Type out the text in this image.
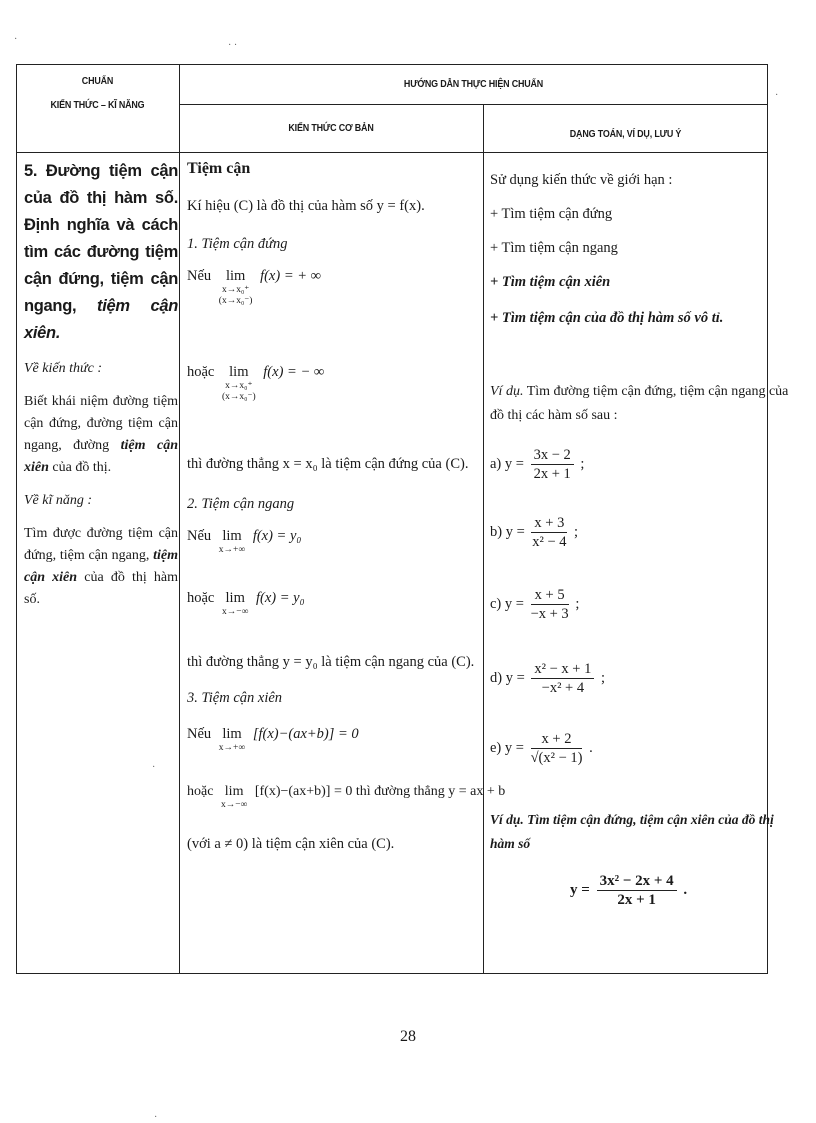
CHUẨN
KIẾN THỨC – KĨ NĂNG
HƯỚNG DẪN THỰC HIỆN CHUẨN
KIẾN THỨC CƠ BẢN	DẠNG TOÁN, VÍ DỤ, LƯU Ý
5. Đường tiệm cận của đồ thị hàm số. Định nghĩa và cách tìm các đường tiệm cận đứng, tiệm cận ngang, tiệm cận xiên.
Về kiến thức :
Biết khái niệm đường tiệm cận đứng, đường tiệm cận ngang, đường tiệm cận xiên của đồ thị.
Về kĩ năng :
Tìm được đường tiệm cận đứng, tiệm cận ngang, tiệm cận xiên của đồ thị hàm số.
Tiệm cận
Kí hiệu (C) là đồ thị của hàm số y = f(x).
1. Tiệm cận đứng
Nếu lim
x→x₀⁺
(x→x₀⁻)
f(x) = + ∞
hoặc lim
x→x₀⁺
(x→x₀⁻)
f(x) = − ∞
thì đường thẳng x = x₀ là tiệm cận đứng của (C).
2. Tiệm cận ngang
Nếu lim
x→+∞
f(x) = y₀
hoặc lim
x→−∞
f(x) = y₀
thì đường thẳng y = y₀ là tiệm cận ngang của (C).
3. Tiệm cận xiên
Nếu lim
x→+∞
[f(x)−(ax+b)] = 0
hoặc lim
x→−∞
[f(x)−(ax+b)] = 0 thì đường thẳng y = ax + b
(với a ≠ 0) là tiệm cận xiên của (C).
Sử dụng kiến thức về giới hạn :
+ Tìm tiệm cận đứng
+ Tìm tiệm cận ngang
+ Tìm tiệm cận xiên
+ Tìm tiệm cận của đồ thị hàm số vô tỉ.
Ví dụ. Tìm đường tiệm cận đứng, tiệm cận ngang của
đồ thị các hàm số sau :
a) $y = \frac{3x - 2}{2x + 1}$ ;
b) $y = \frac{x + 3}{\text{x² − 4}}$ ;
c) $y = \frac{x + 5}{-x + 3}$ ;
d) $y = \frac{\text{x² − x + 1}}{\text{−x² + 4}}$ ;
e) $y = \frac{x + 2}{\text{√(x² − 1)}}$ .
Ví dụ. Tìm tiệm cận đứng, tiệm cận xiên của đồ thị
hàm số
$y = \frac{\text{3x² − 2x + 4}}{2x + 1}$ .
28
·
· ·
·
·
·
